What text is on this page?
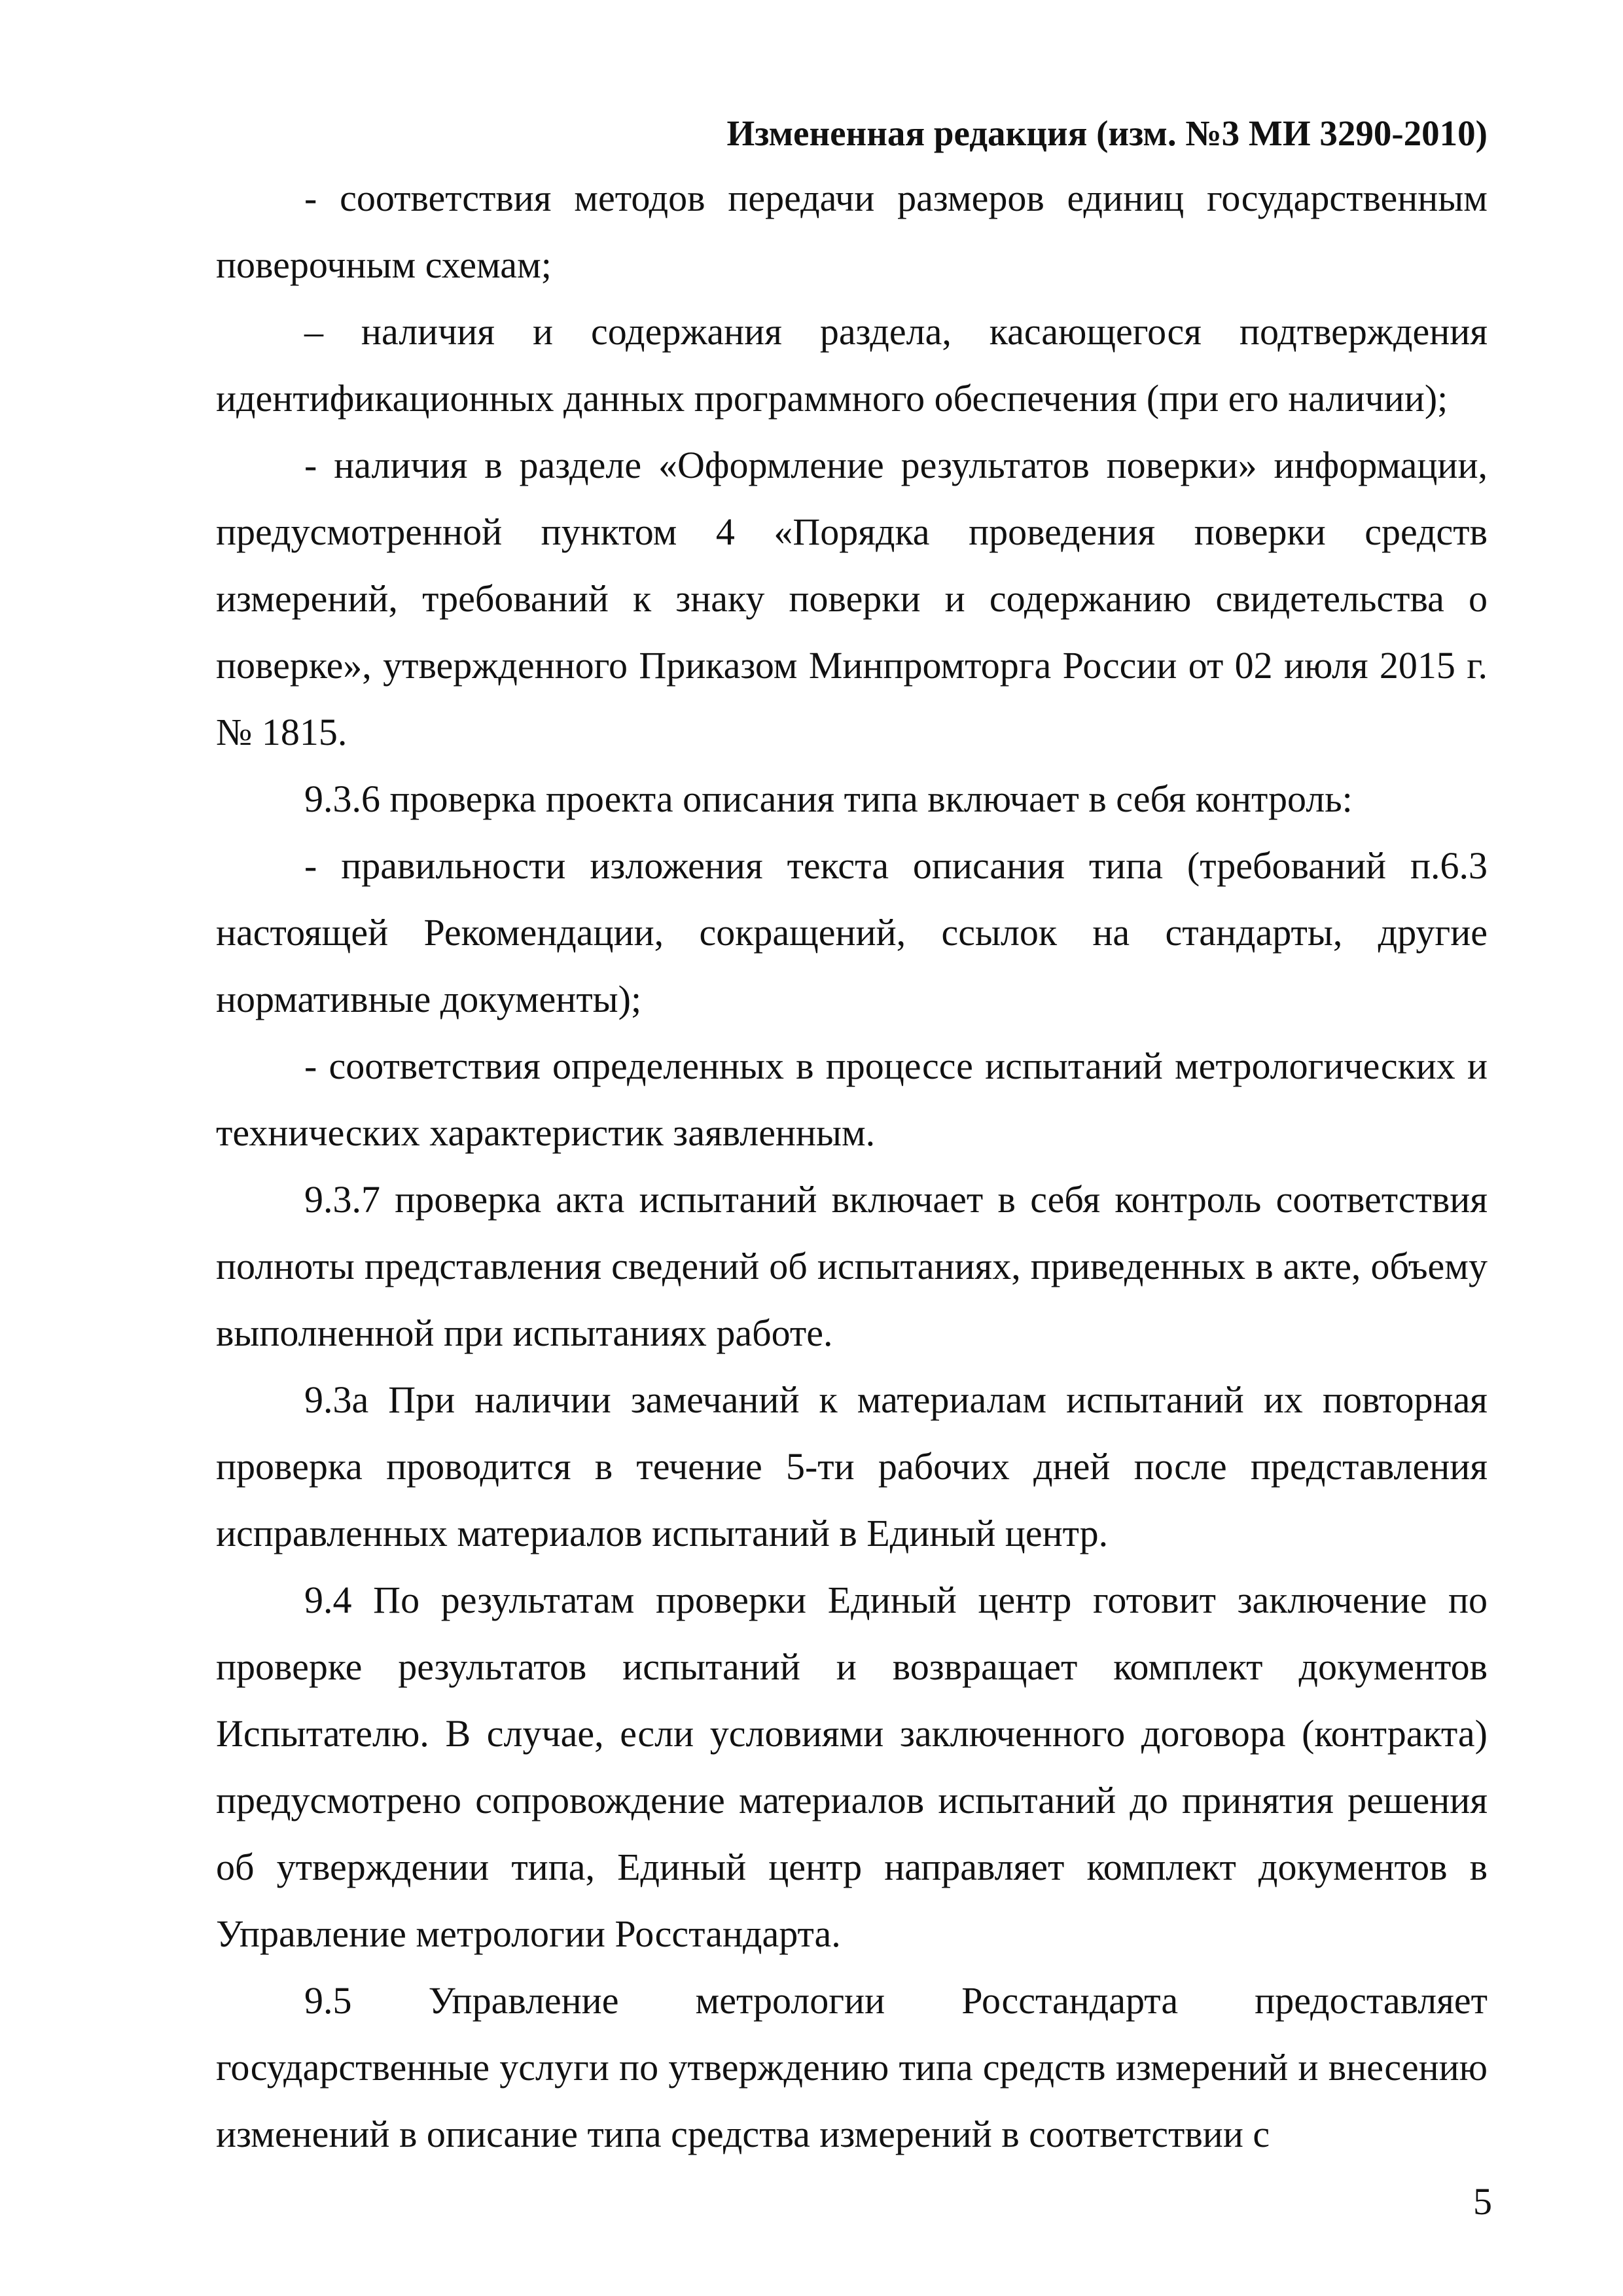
Измененная редакция (изм. №3 МИ 3290-2010)

- соответствия методов передачи размеров единиц государственным поверочным схемам;

– наличия и содержания раздела, касающегося подтверждения идентификационных данных программного обеспечения (при его наличии);

- наличия в разделе «Оформление результатов поверки» информации, предусмотренной пунктом 4 «Порядка проведения поверки средств измерений, требований к знаку поверки и содержанию свидетельства о поверке», утвержденного Приказом Минпромторга России от 02 июля 2015 г. № 1815.

9.3.6 проверка проекта описания типа включает в себя контроль:

- правильности изложения текста описания типа (требований п.6.3 настоящей Рекомендации, сокращений, ссылок на стандарты, другие нормативные документы);

- соответствия определенных в процессе испытаний метрологических и технических характеристик заявленным.

9.3.7 проверка акта испытаний включает в себя контроль соответствия полноты представления сведений об испытаниях, приведенных в акте, объему выполненной при испытаниях работе.

9.3а При наличии замечаний к материалам испытаний их повторная проверка проводится в течение 5-ти рабочих дней после представления исправленных материалов испытаний в Единый центр.

9.4 По результатам проверки Единый центр готовит заключение по проверке результатов испытаний и возвращает комплект документов Испытателю. В случае, если условиями заключенного договора (контракта) предусмотрено сопровождение материалов испытаний до принятия решения об утверждении типа, Единый центр направляет комплект документов в Управление метрологии Росстандарта.

9.5 Управление метрологии Росстандарта предоставляет государственные услуги по утверждению типа средств измерений и внесению изменений в описание типа средства измерений в соответствии с

5
